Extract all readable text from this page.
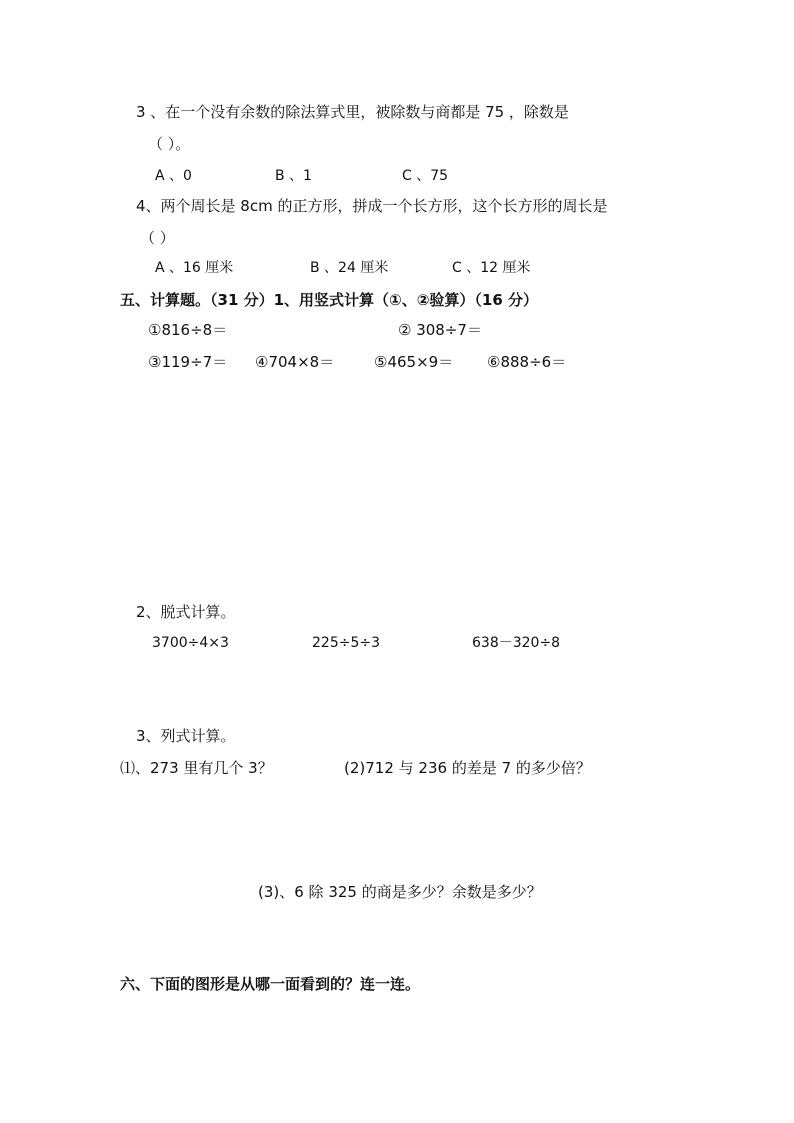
3 、在一个没有余数的除法算式里，被除数与商都是 75 ，除数是
（ ）。
A 、0	B 、1	C 、75
4、两个周长是 8cm 的正方形，拼成一个长方形，这个长方形的周长是
（ ）
A 、16 厘米	B 、24 厘米	C 、12 厘米
五、计算题。（31 分）1、用竖式计算（①、②验算）（16 分）
①816÷8＝	② 308÷7＝
③119÷7＝ ④704×8＝	⑤465×9＝ ⑥888÷6＝
2、脱式计算。
3700÷4×3	225÷5÷3	638－320÷8
3、列式计算。
⑴、273 里有几个 3？	(2)712 与 236 的差是 7 的多少倍？
(3)、6 除 325 的商是多少？余数是多少？
六、下面的图形是从哪一面看到的？连一连。
